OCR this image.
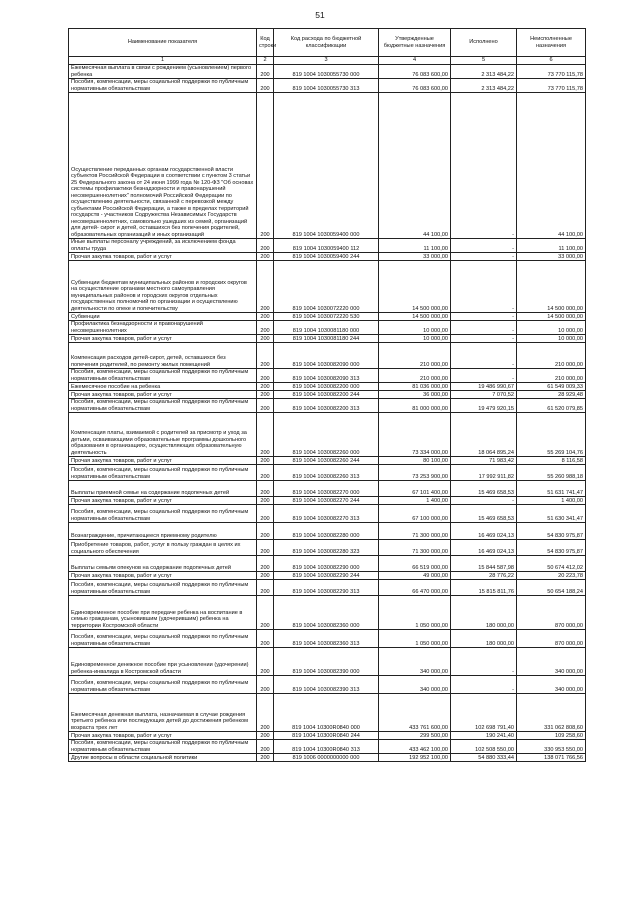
51
Наименование показателя	Код строки	Код расхода по бюджетной классификации	Утвержденные бюджетные назначения	Исполнено	Неисполненные назначения
1	2	3	4	5	6
Ежемесячная выплата в связи с рождением (усыновлением) первого ребенка	200	819 1004 1030055730 000	76 083 600,00	2 313 484,22	73 770 115,78
Пособия, компенсации, меры социальной поддержки по публичным нормативным обязательствам	200	819 1004 1030055730 313	76 083 600,00	2 313 484,22	73 770 115,78
Осуществление переданных органам государственной власти субъектов Российской Федерации в соответствии с пунктом 3 статьи 25 Федерального закона от 24 июня 1999 года № 120-ФЗ "Об основах системы профилактики безнадзорности и правонарушений несовершеннолетних" полномочий Российской Федерации по осуществлению деятельности, связанной с перевозкой между субъектами Российской Федерации, а также в пределах территорий государств - участников Содружества Независимых Государств несовершеннолетних, самовольно ушедших из семей, организаций для детей- сирот и детей, оставшихся без попечения родителей, образовательных организаций и иных организаций	200	819 1004 1030059400 000	44 100,00	-	44 100,00
Иные выплаты персоналу учреждений, за исключением фонда оплаты труда	200	819 1004 1030059400 112	11 100,00	-	11 100,00
Прочая закупка товаров, работ и услуг	200	819 1004 1030059400 244	33 000,00	-	33 000,00
Субвенции бюджетам муниципальных районов и городских округов на осуществление органами местного самоуправления муниципальных районов и городских округов отдельных государственных полномочий по организации и осуществлению деятельности по опеке и попечительству	200	819 1004 1030072220 000	14 500 000,00	-	14 500 000,00
Субвенции	200	819 1004 1030072220 530	14 500 000,00	-	14 500 000,00
Профилактика безнадзорности и правонарушений несовершеннолетних	200	819 1004 1030081180 000	10 000,00	-	10 000,00
Прочая закупка товаров, работ и услуг	200	819 1004 1030081180 244	10 000,00	-	10 000,00
Компенсация расходов детей-сирот, детей, оставшихся без попечения родителей, по ремонту жилых помещений	200	819 1004 1030082090 000	210 000,00	-	210 000,00
Пособия, компенсации, меры социальной поддержки по публичным нормативным обязательствам	200	819 1004 1030082090 313	210 000,00	-	210 000,00
Ежемесячное пособие на ребенка	200	819 1004 1030082200 000	81 036 000,00	19 486 990,67	61 549 009,33
Прочая закупка товаров, работ и услуг	200	819 1004 1030082200 244	36 000,00	7 070,52	28 929,48
Пособия, компенсации, меры социальной поддержки по публичным нормативным обязательствам	200	819 1004 1030082200 313	81 000 000,00	19 479 920,15	61 520 079,85
Компенсация платы, взимаемой с родителей за присмотр и уход за детьми, осваивающими образовательные программы дошкольного образования в организациях, осуществляющих образовательную деятельность	200	819 1004 1030082260 000	73 334 000,00	18 064 895,24	55 269 104,76
Прочая закупка товаров, работ и услуг	200	819 1004 1030082260 244	80 100,00	71 983,42	8 116,58
Пособия, компенсации, меры социальной поддержки по публичным нормативным обязательствам	200	819 1004 1030082260 313	73 253 900,00	17 992 911,82	55 260 988,18
Выплаты приемной семье на содержание подопечных детей	200	819 1004 1030082270 000	67 101 400,00	15 469 658,53	51 631 741,47
Прочая закупка товаров, работ и услуг	200	819 1004 1030082270 244	1 400,00	-	1 400,00
Пособия, компенсации, меры социальной поддержки по публичным нормативным обязательствам	200	819 1004 1030082270 313	67 100 000,00	15 469 658,53	51 630 341,47
Вознаграждение, причитающееся приемному родителю	200	819 1004 1030082280 000	71 300 000,00	16 469 024,13	54 830 975,87
Приобретение товаров, работ, услуг в пользу граждан в целях их социального обеспечения	200	819 1004 1030082280 323	71 300 000,00	16 469 024,13	54 830 975,87
Выплаты семьям опекунов на содержание подопечных детей	200	819 1004 1030082290 000	66 519 000,00	15 844 587,98	50 674 412,02
Прочая закупка товаров, работ и услуг	200	819 1004 1030082290 244	49 000,00	28 776,22	20 223,78
Пособия, компенсации, меры социальной поддержки по публичным нормативным обязательствам	200	819 1004 1030082290 313	66 470 000,00	15 815 811,76	50 654 188,24
Единовременное пособие при передаче ребенка на воспитание в семью гражданам, усыновившим (удочерившим) ребенка на территории Костромской области	200	819 1004 1030082360 000	1 050 000,00	180 000,00	870 000,00
Пособия, компенсации, меры социальной поддержки по публичным нормативным обязательствам	200	819 1004 1030082360 313	1 050 000,00	180 000,00	870 000,00
Единовременное денежное пособие при усыновлении (удочерении) ребенка-инвалида в Костромской области	200	819 1004 1030082390 000	340 000,00	-	340 000,00
Пособия, компенсации, меры социальной поддержки по публичным нормативным обязательствам	200	819 1004 1030082390 313	340 000,00	-	340 000,00
Ежемесячная денежная выплата, назначаемая в случае рождения третьего ребенка или последующих детей до достижения ребенком возраста трех лет	200	819 1004 10300R0840 000	433 761 600,00	102 698 791,40	331 062 808,60
Прочая закупка товаров, работ и услуг	200	819 1004 10300R0840 244	299 500,00	190 241,40	109 258,60
Пособия, компенсации, меры социальной поддержки по публичным нормативным обязательствам	200	819 1004 10300R0840 313	433 462 100,00	102 508 550,00	330 953 550,00
Другие вопросы в области социальной политики	200	819 1006 0000000000 000	192 952 100,00	54 880 333,44	138 071 766,56
